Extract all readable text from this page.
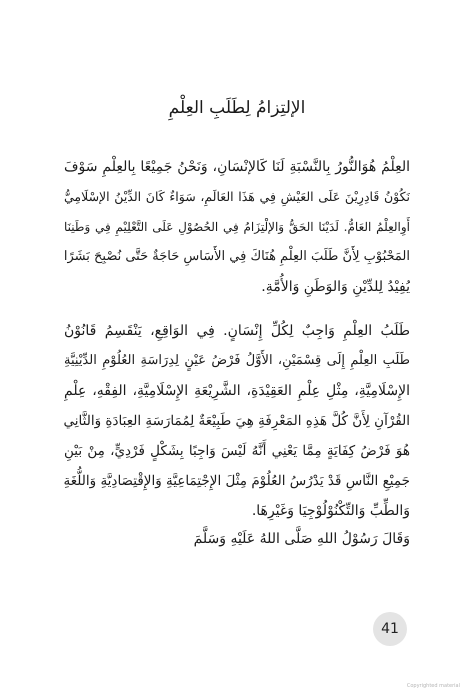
الإلتِزامُ لِطَلَبِ العِلْمِ
العِلْمُ هُوَالنُّورُ بِالنَّسْبَةِ لَنَا كَالإنْسَانِ، وَنَحْنُ جَمِيْعًا بِالعِلْمِ سَوْفَ
نَكُوْنُ قَادِرِيْنَ عَلَى العَيْشِ فِي هَذَا العَالَمِ، سَوَاءٌ كَانَ الدِّيْنُ الإسْلَامِيُّ
أَوِالعِلْمُ العَامُّ. لَدَيْنَا الحَقُّ وَالإلْتِزَامُ فِي الحُصُوْلِ عَلَى التَّعْلِيْمِ فِي وَطَنِنَا
المَحْبُوْبِ لِأَنَّ طَلَبَ العِلْمِ هُنَاكَ فِي الأَسَاسِ حَاجَةٌ حَتَّى نُصْبِحَ بَشَرًا
يُفِيْدُ لِلدِّيْنِ وَالوَطَنِ وَالأُمَّةِ.
طَلَبُ العِلْمِ وَاجِبٌ لِكُلِّ إِنْسَانٍ. فِي الوَاقِعِ، يَنْقَسِمُ قَانُوْنُ
طَلَبِ العِلْمِ إِلَى قِسْمَيْنِ، الأَوَّلُ فَرْضُ عَيْنٍ لِدِرَاسَةِ العُلُوْمِ الدِّيْنِيَّةِ
الإِسْلَامِيَّةِ، مِثْلِ عِلْمِ العَقِيْدَةِ، الشَّرِيْعَةِ الإِسْلَامِيَّةِ، الفِقْهِ، عِلْمِ
القُرْآنِ لِأَنَّ كُلَّ هَذِهِ المَعْرِفَةِ هِيَ طَبِيْعَةٌ لِمُمَارَسَةِ العِبَادَةِ وَالثَّانِي
هُوَ فَرْضُ كِفَايَةٍ مِمَّا يَعْنِي أَنَّهُ لَيْسَ وَاجِبًا بِشَكْلٍ فَرْدِيٍّ، مِنْ بَيْنِ
جَمِيْعِ النَّاسِ قَدْ يَدْرُسُ العُلُوْمَ مِثْلَ الإِجْتِمَاعِيَّةِ وَالإِقْتِصَادِيَّةِ وَاللُّغَةِ
وَالطِّبِّ وَالتِّكْنُوْلُوْجِيَا وَغَيْرِهَا.
وَقَالَ رَسُوْلُ اللهِ صَلَّى اللهُ عَلَيْهِ وَسَلَّمَ
41
Copyrighted material
